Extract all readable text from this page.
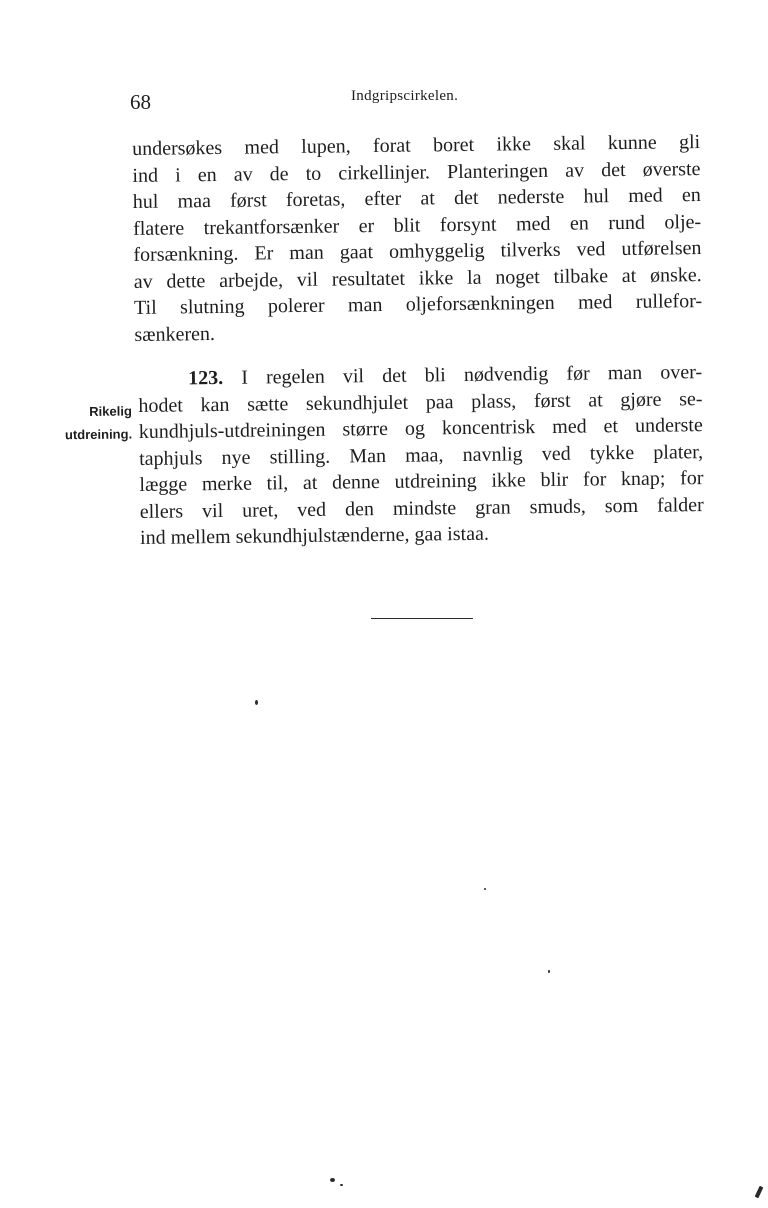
68	Indgripscirkelen.
undersøkes med lupen, forat boret ikke skal kunne gli
ind i en av de to cirkellinjer. Planteringen av det øverste
hul maa først foretas, efter at det nederste hul med en
flatere trekantforsænker er blit forsynt med en rund olje-
forsænkning. Er man gaat omhyggelig tilverks ved utførelsen
av dette arbejde, vil resultatet ikke la noget tilbake at ønske.
Til slutning polerer man oljeforsænkningen med rullefor-
sænkeren.
Rikelig
utdreining.
123. I regelen vil det bli nødvendig før man over-
hodet kan sætte sekundhjulet paa plass, først at gjøre se-
kundhjuls-utdreiningen større og koncentrisk med et underste
taphjuls nye stilling. Man maa, navnlig ved tykke plater,
lægge merke til, at denne utdreining ikke blir for knap; for
ellers vil uret, ved den mindste gran smuds, som falder
ind mellem sekundhjulstænderne, gaa istaa.
